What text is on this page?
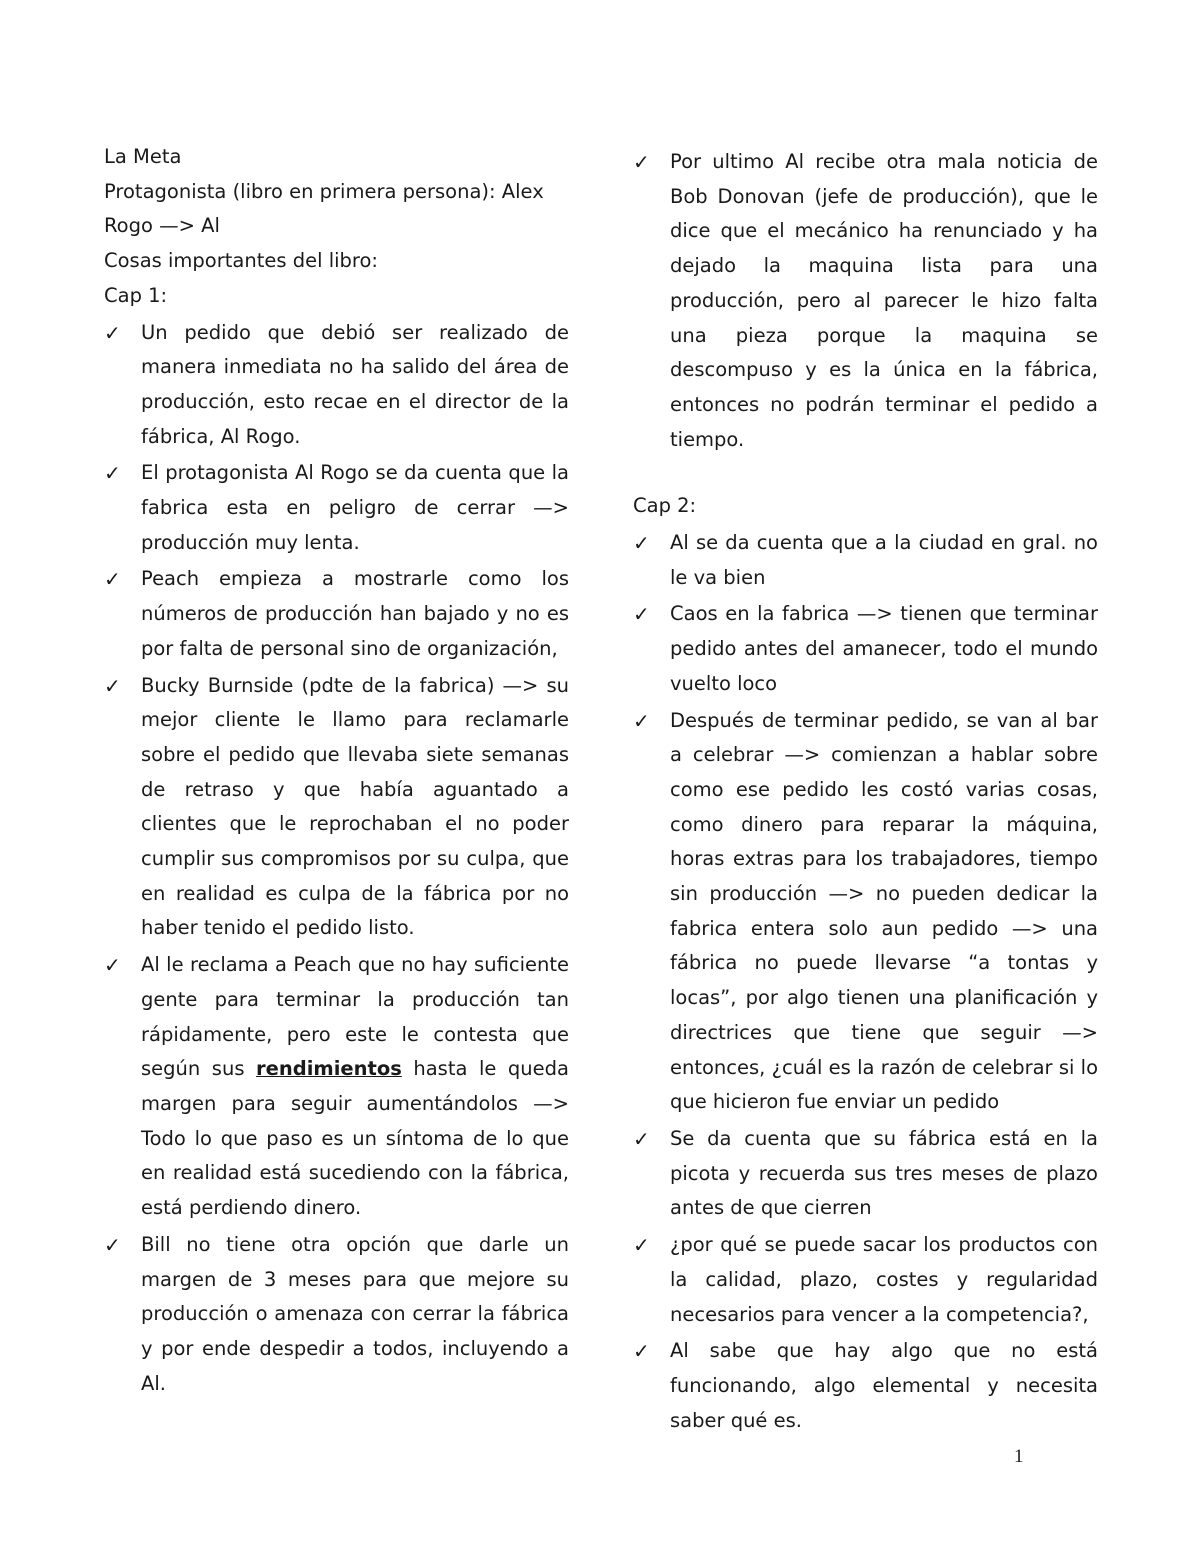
La Meta

Protagonista (libro en primera persona): Alex Rogo —> Al

Cosas importantes del libro:

Cap 1:

✓ Un pedido que debió ser realizado de manera inmediata no ha salido del área de producción, esto recae en el director de la fábrica, Al Rogo.
✓ El protagonista Al Rogo se da cuenta que la fabrica esta en peligro de cerrar —> producción muy lenta.
✓ Peach empieza a mostrarle como los números de producción han bajado y no es por falta de personal sino de organización,
✓ Bucky Burnside (pdte de la fabrica) —> su mejor cliente le llamo para reclamarle sobre el pedido que llevaba siete semanas de retraso y que había aguantado a clientes que le reprochaban el no poder cumplir sus compromisos por su culpa, que en realidad es culpa de la fábrica por no haber tenido el pedido listo.
✓ Al le reclama a Peach que no hay suficiente gente para terminar la producción tan rápidamente, pero este le contesta que según sus rendimientos hasta le queda margen para seguir aumentándolos —> Todo lo que paso es un síntoma de lo que en realidad está sucediendo con la fábrica, está perdiendo dinero.
✓ Bill no tiene otra opción que darle un margen de 3 meses para que mejore su producción o amenaza con cerrar la fábrica y por ende despedir a todos, incluyendo a Al.
✓ Por ultimo Al recibe otra mala noticia de Bob Donovan (jefe de producción), que le dice que el mecánico ha renunciado y ha dejado la maquina lista para una producción, pero al parecer le hizo falta una pieza porque la maquina se descompuso y es la única en la fábrica, entonces no podrán terminar el pedido a tiempo.

Cap 2:

✓ Al se da cuenta que a la ciudad en gral. no le va bien
✓ Caos en la fabrica —> tienen que terminar pedido antes del amanecer, todo el mundo vuelto loco
✓ Después de terminar pedido, se van al bar a celebrar —> comienzan a hablar sobre como ese pedido les costó varias cosas, como dinero para reparar la máquina, horas extras para los trabajadores, tiempo sin producción —> no pueden dedicar la fabrica entera solo aun pedido —> una fábrica no puede llevarse “a tontas y locas”, por algo tienen una planificación y directrices que tiene que seguir —> entonces, ¿cuál es la razón de celebrar si lo que hicieron fue enviar un pedido
✓ Se da cuenta que su fábrica está en la picota y recuerda sus tres meses de plazo antes de que cierren
✓ ¿por qué se puede sacar los productos con la calidad, plazo, costes y regularidad necesarios para vencer a la competencia?,
✓ Al sabe que hay algo que no está funcionando, algo elemental y necesita saber qué es.
1
